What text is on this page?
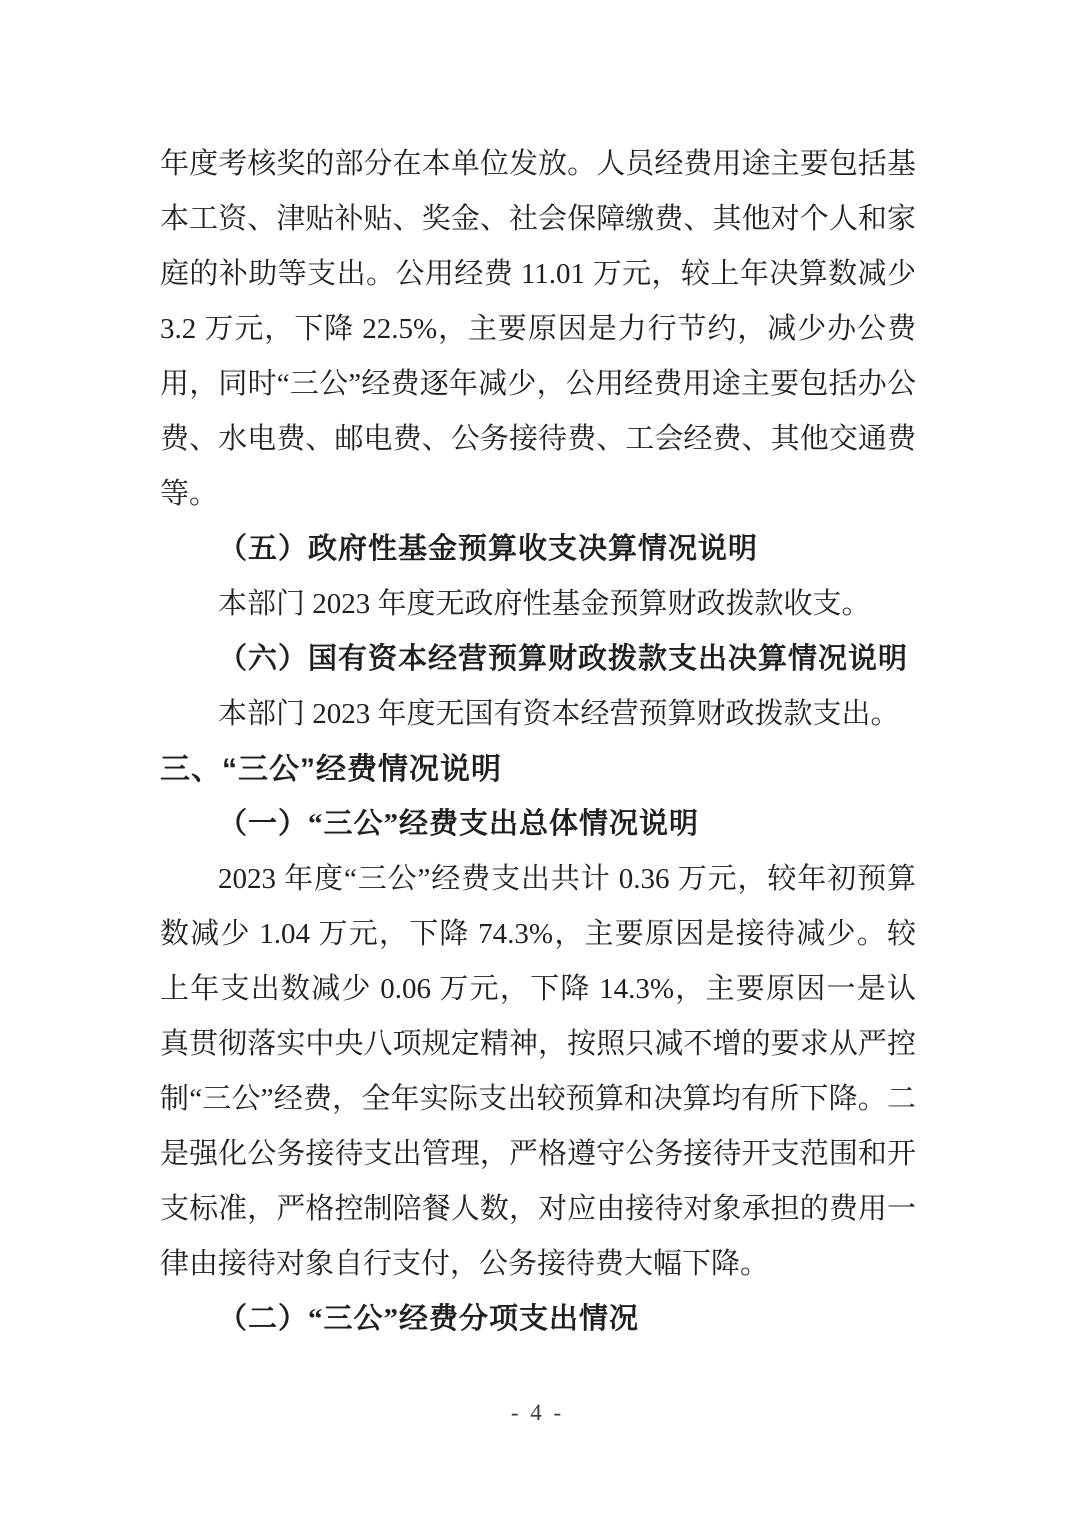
年度考核奖的部分在本单位发放。人员经费用途主要包括基本工资、津贴补贴、奖金、社会保障缴费、其他对个人和家庭的补助等支出。公用经费 11.01 万元，较上年决算数减少 3.2 万元，下降 22.5%，主要原因是力行节约，减少办公费用，同时“三公”经费逐年减少，公用经费用途主要包括办公费、水电费、邮电费、公务接待费、工会经费、其他交通费等。

（五）政府性基金预算收支决算情况说明

本部门 2023 年度无政府性基金预算财政拨款收支。

（六）国有资本经营预算财政拨款支出决算情况说明

本部门 2023 年度无国有资本经营预算财政拨款支出。

三、“三公”经费情况说明
（一）“三公”经费支出总体情况说明

2023 年度“三公”经费支出共计 0.36 万元，较年初预算数减少 1.04 万元，下降 74.3%，主要原因是接待减少。较上年支出数减少 0.06 万元，下降 14.3%，主要原因一是认真贯彻落实中央八项规定精神，按照只减不增的要求从严控制“三公”经费，全年实际支出较预算和决算均有所下降。二是强化公务接待支出管理，严格遵守公务接待开支范围和开支标准，严格控制陪餐人数，对应由接待对象承担的费用一律由接待对象自行支付，公务接待费大幅下降。

（二）“三公”经费分项支出情况
- 4 -
